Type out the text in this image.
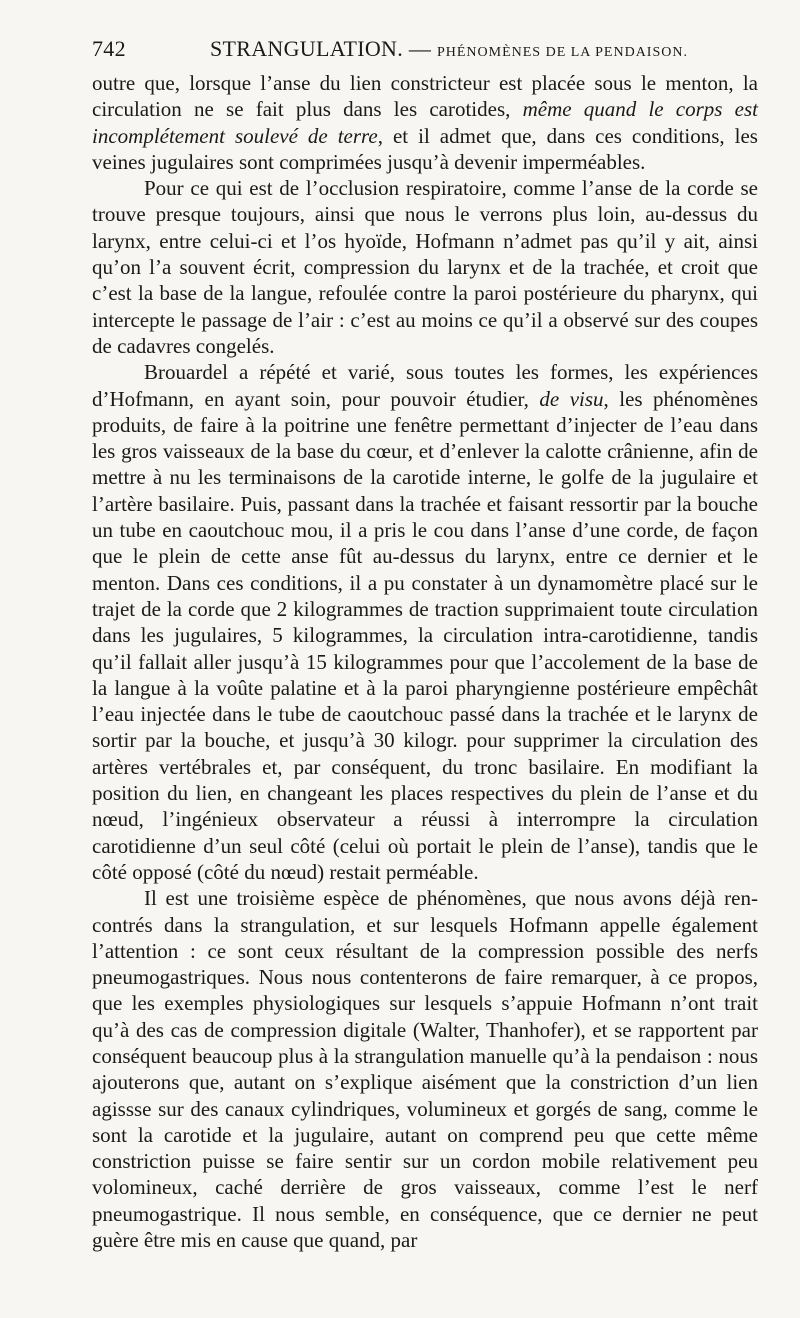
742	STRANGULATION. — PHÉNOMÈNES DE LA PENDAISON.

outre que, lorsque l’anse du lien constricteur est placée sous le menton, la circulation ne se fait plus dans les carotides, même quand le corps est incomplétement soulevé de terre, et il admet que, dans ces conditions, les veines jugulaires sont comprimées jusqu’à devenir imperméables.

Pour ce qui est de l’occlusion respiratoire, comme l’anse de la corde se trouve presque toujours, ainsi que nous le verrons plus loin, au-dessus du larynx, entre celui-ci et l’os hyoïde, Hofmann n’admet pas qu’il y ait, ainsi qu’on l’a souvent écrit, compression du larynx et de la trachée, et croit que c’est la base de la langue, refoulée contre la paroi postérieure du pharynx, qui intercepte le passage de l’air : c’est au moins ce qu’il a observé sur des coupes de cadavres congelés.

Brouardel a répété et varié, sous toutes les formes, les expériences d’Hofmann, en ayant soin, pour pouvoir étudier, de visu, les phénomènes produits, de faire à la poitrine une fenêtre permettant d’injecter de l’eau dans les gros vaisseaux de la base du cœur, et d’enlever la calotte crânienne, afin de mettre à nu les terminaisons de la carotide interne, le golfe de la jugulaire et l’artère basilaire. Puis, passant dans la trachée et faisant ressortir par la bouche un tube en caoutchouc mou, il a pris le cou dans l’anse d’une corde, de façon que le plein de cette anse fût au-dessus du larynx, entre ce dernier et le menton. Dans ces conditions, il a pu constater à un dynamomètre placé sur le trajet de la corde que 2 kilogrammes de traction supprimaient toute circulation dans les jugulaires, 5 kilogrammes, la circulation intra-carotidienne, tandis qu’il fallait aller jusqu’à 15 kilogrammes pour que l’accolement de la base de la langue à la voûte palatine et à la paroi pharyngienne postérieure empêchât l’eau injectée dans le tube de caoutchouc passé dans la trachée et le larynx de sortir par la bouche, et jusqu’à 30 kilogr. pour supprimer la circulation des artères vertébrales et, par conséquent, du tronc basilaire. En modifiant la position du lien, en changeant les places respectives du plein de l’anse et du nœud, l’ingénieux observateur a réussi à interrompre la circulation carotidienne d’un seul côté (celui où portait le plein de l’anse), tandis que le côté opposé (côté du nœud) restait perméable.

Il est une troisième espèce de phénomènes, que nous avons déjà rencontrés dans la strangulation, et sur lesquels Hofmann appelle également l’attention : ce sont ceux résultant de la compression possible des nerfs pneumogastriques. Nous nous contenterons de faire remarquer, à ce propos, que les exemples physiologiques sur lesquels s’appuie Hofmann n’ont trait qu’à des cas de compression digitale (Walter, Thanhofer), et se rapportent par conséquent beaucoup plus à la strangulation manuelle qu’à la pendaison : nous ajouterons que, autant on s’explique aisément que la constriction d’un lien agissse sur des canaux cylindriques, volumineux et gorgés de sang, comme le sont la carotide et la jugulaire, autant on comprend peu que cette même constriction puisse se faire sentir sur un cordon mobile relativement peu volomineux, caché derrière de gros vaisseaux, comme l’est le nerf pneumogastrique. Il nous semble, en conséquence, que ce dernier ne peut guère être mis en cause que quand, par
